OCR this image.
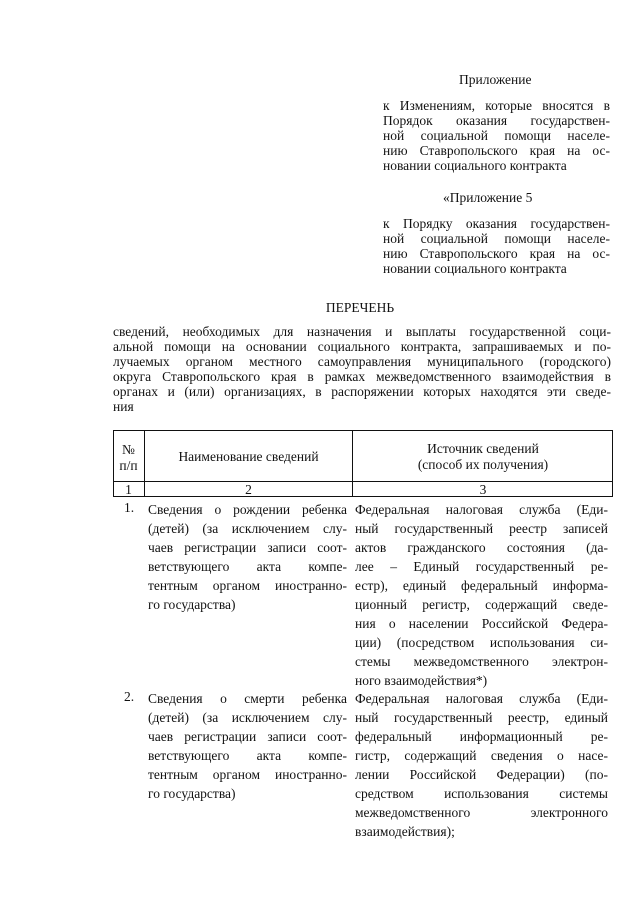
Приложение
к Изменениям, которые вносятся в
Порядок оказания государствен-
ной социальной помощи населе-
нию Ставропольского края на ос-
новании социального контракта
«Приложение 5
к Порядку оказания государствен-
ной социальной помощи населе-
нию Ставропольского края на ос-
новании социального контракта
ПЕРЕЧЕНЬ
сведений, необходимых для назначения и выплаты государственной соци-
альной помощи на основании социального контракта, запрашиваемых и по-
лучаемых органом местного самоуправления муниципального (городского)
округа Ставропольского края в рамках межведомственного взаимодействия в
органах и (или) организациях, в распоряжении которых находятся эти сведе-
ния
№
п/п
Наименование сведений
Источник сведений
(способ их получения)
1	2	3
1. Сведения о рождении ребенка
(детей) (за исключением слу-
чаев регистрации записи соот-
ветствующего акта компе-
тентным органом иностранно-
го государства)
Федеральная налоговая служба (Еди-
ный государственный реестр записей
актов гражданского состояния (да-
лее – Единый государственный ре-
естр), единый федеральный информа-
ционный регистр, содержащий сведе-
ния о населении Российской Федера-
ции) (посредством использования си-
стемы межведомственного электрон-
ного взаимодействия*)
2. Сведения о смерти ребенка
(детей) (за исключением слу-
чаев регистрации записи соот-
ветствующего акта компе-
тентным органом иностранно-
го государства)
Федеральная налоговая служба (Еди-
ный государственный реестр, единый
федеральный информационный ре-
гистр, содержащий сведения о насе-
лении Российской Федерации) (по-
средством использования системы
межведомственного электронного
взаимодействия);
